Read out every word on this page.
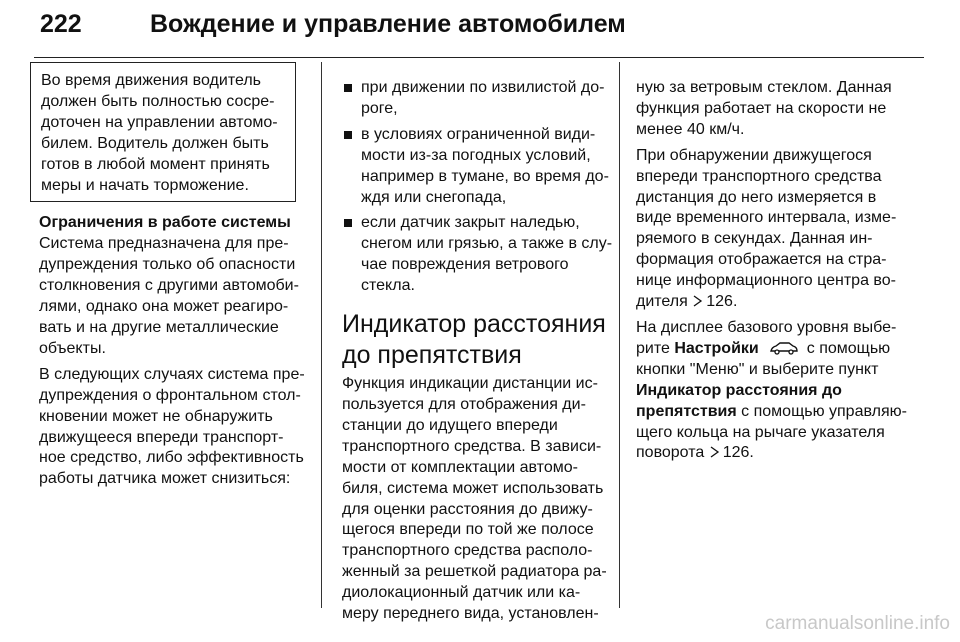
222	Вождение и управление автомобилем
Во время движения водитель
должен быть полностью сосре-
доточен на управлении автомо-
билем. Водитель должен быть
готов в любой момент принять
меры и начать торможение.
Ограничения в работе системы
Система предназначена для пре-
дупреждения только об опасности
столкновения с другими автомоби-
лями, однако она может реагиро-
вать и на другие металлические
объекты.
В следующих случаях система пре-
дупреждения о фронтальном стол-
кновении может не обнаружить
движущееся впереди транспорт-
ное средство, либо эффективность
работы датчика может снизиться:
при движении по извилистой до-
роге,
в условиях ограниченной види-
мости из-за погодных условий,
например в тумане, во время до-
ждя или снегопада,
если датчик закрыт наледью,
снегом или грязью, а также в слу-
чае повреждения ветрового
стекла.
Индикатор расстояния
до препятствия
Функция индикации дистанции ис-
пользуется для отображения ди-
станции до идущего впереди
транспортного средства. В зависи-
мости от комплектации автомо-
биля, система может использовать
для оценки расстояния до движу-
щегося впереди по той же полосе
транспортного средства располо-
женный за решеткой радиатора ра-
диолокационный датчик или ка-
меру переднего вида, установлен-
ную за ветровым стеклом. Данная
функция работает на скорости не
менее 40 км/ч.
При обнаружении движущегося
впереди транспортного средства
дистанция до него измеряется в
виде временного интервала, изме-
ряемого в секундах. Данная ин-
формация отображается на стра-
нице информационного центра во-
дителя 126.
На дисплее базового уровня выбе-
рите Настройки	с помощью
кнопки "Меню" и выберите пункт
Индикатор расстояния до
препятствия с помощью управляю-
щего кольца на рычаге указателя
поворота 126.
carmanualsonline.info
